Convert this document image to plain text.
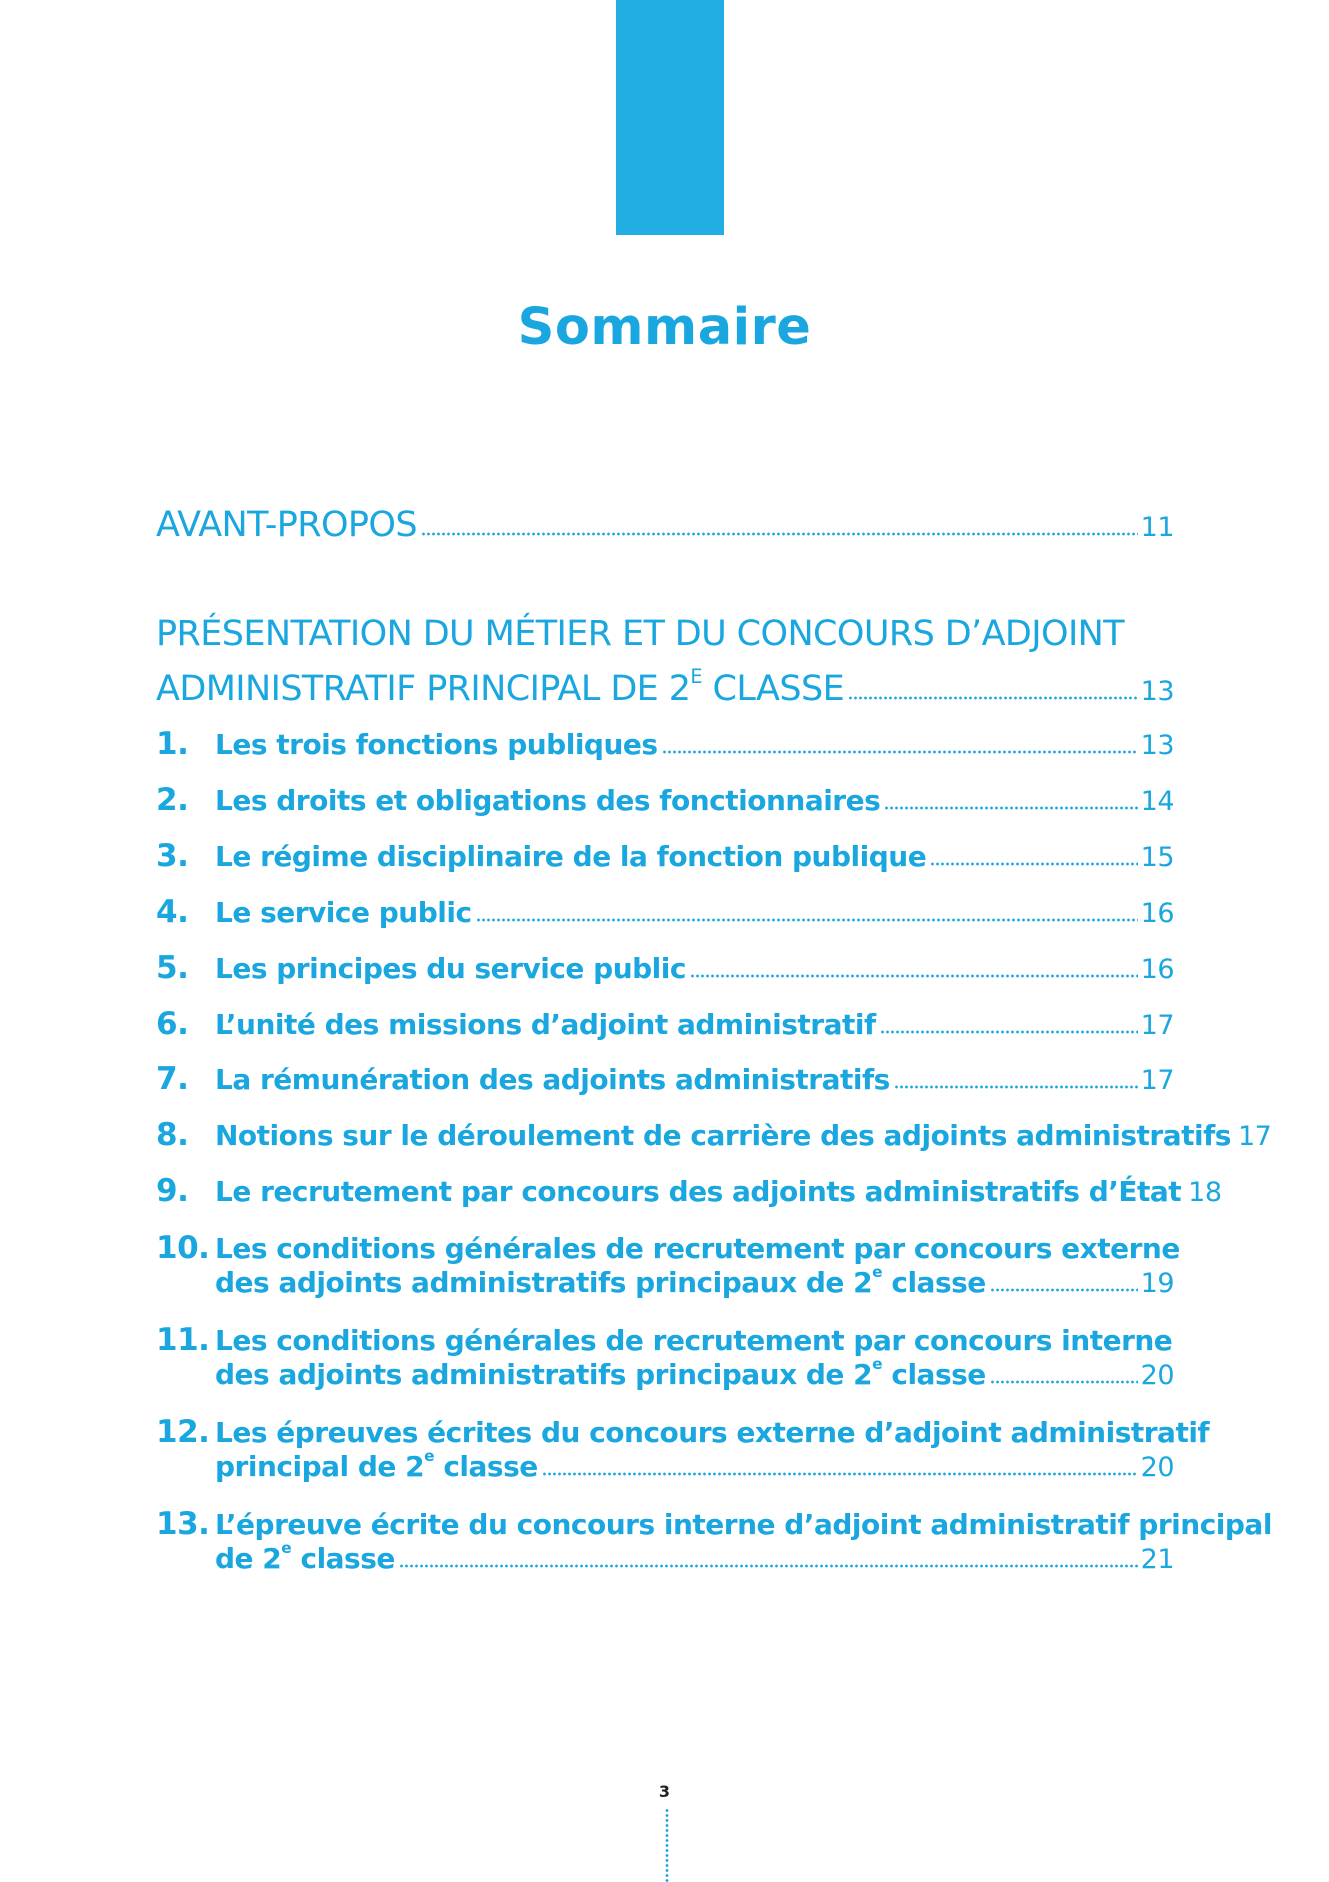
Sommaire
AVANT-PROPOS	11
PRÉSENTATION DU MÉTIER ET DU CONCOURS D’ADJOINT
ADMINISTRATIF PRINCIPAL DE $2^E$ CLASSE	13
1. Les trois fonctions publiques	13
2. Les droits et obligations des fonctionnaires	14
3. Le régime disciplinaire de la fonction publique	15
4. Le service public	16
5. Les principes du service public	16
6. L’unité des missions d’adjoint administratif	17
7. La rémunération des adjoints administratifs	17
8. Notions sur le déroulement de carrière des adjoints administratifs 17
9. Le recrutement par concours des adjoints administratifs d’État 18
10. Les conditions générales de recrutement par concours externe
des adjoints administratifs principaux de 2e classe	19
11. Les conditions générales de recrutement par concours interne
des adjoints administratifs principaux de 2e classe	20
12. Les épreuves écrites du concours externe d’adjoint administratif
principal de 2e classe	20
13. L’épreuve écrite du concours interne d’adjoint administratif principal
de 2e classe	21
3
